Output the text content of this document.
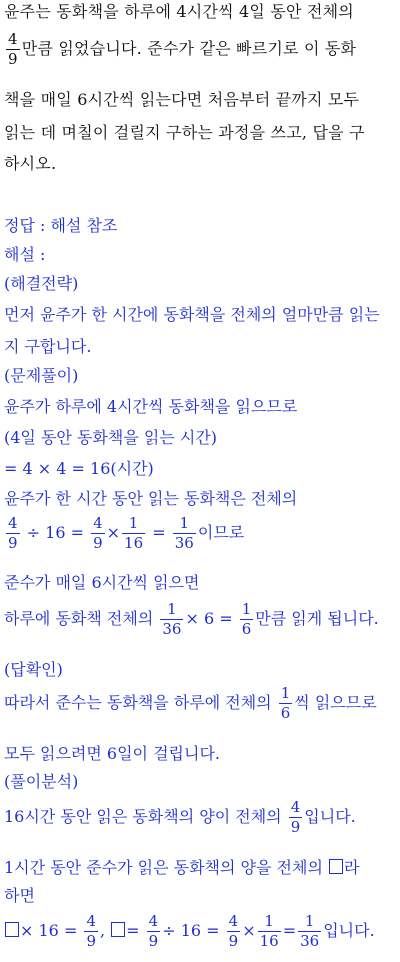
윤주는 동화책을 하루에 4시간씩 4일 동안 전체의
$\frac{4}{9}$ 만큼 읽었습니다. 준수가 같은 빠르기로 이 동화
책을 매일 6시간씩 읽는다면 처음부터 끝까지 모두
읽는 데 며칠이 걸릴지 구하는 과정을 쓰고, 답을 구
하시오.
정답 : 해설 참조
해설 :
(해결전략)
먼저 윤주가 한 시간에 동화책을 전체의 얼마만큼 읽는
지 구합니다.
(문제풀이)
윤주가 하루에 4시간씩 동화책을 읽으므로
(4일 동안 동화책을 읽는 시간)
= 4 × 4 = 16(시간)
윤주가 한 시간 동안 읽는 동화책은 전체의
$\frac{4}{9} \div 16 = \frac{4}{9} \times \frac{1}{16} = \frac{1}{36}$ 이므로
준수가 매일 6시간씩 읽으면
하루에 동화책 전체의 $\frac{1}{36} \times 6 = \frac{1}{6}$ 만큼 읽게 됩니다.
(답확인)
따라서 준수는 동화책을 하루에 전체의 $\frac{1}{6}$ 씩 읽으므로
모두 읽으려면 6일이 걸립니다.
(풀이분석)
16시간 동안 읽은 동화책의 양이 전체의 $\frac{4}{9}$ 입니다.
1시간 동안 준수가 읽은 동화책의 양을 전체의 라
하면
× $16 = \frac{4}{9}$ , = $\frac{4}{9} \div 16 = \frac{4}{9} \times \frac{1}{16} = \frac{1}{36}$ 입니다.
